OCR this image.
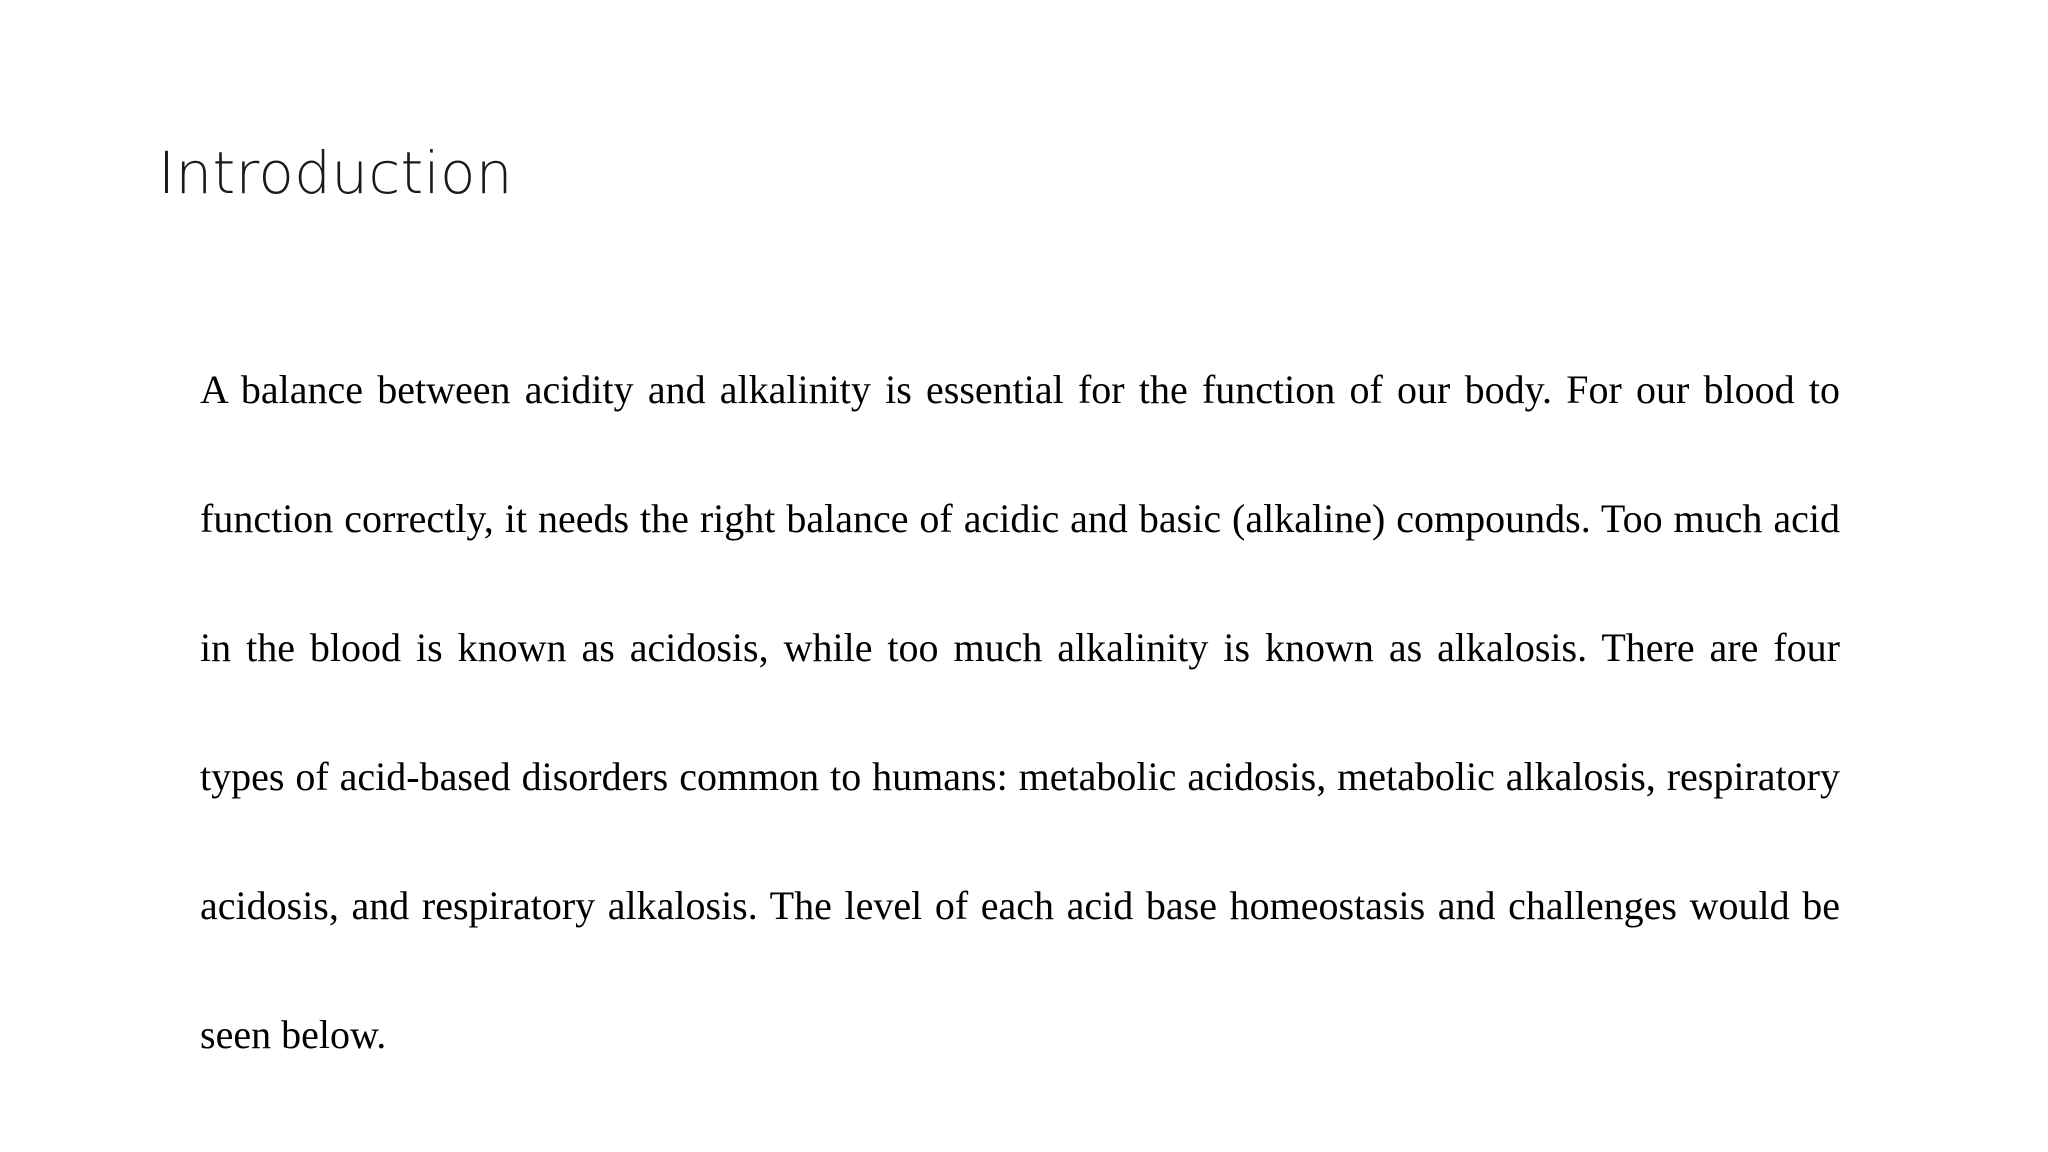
Introduction

A balance between acidity and alkalinity is essential for the function of our body. For our blood to function correctly, it needs the right balance of acidic and basic (alkaline) compounds. Too much acid in the blood is known as acidosis, while too much alkalinity is known as alkalosis. There are four types of acid-based disorders common to humans: metabolic acidosis, metabolic alkalosis, respiratory acidosis, and respiratory alkalosis. The level of each acid base homeostasis and challenges would be seen below.
